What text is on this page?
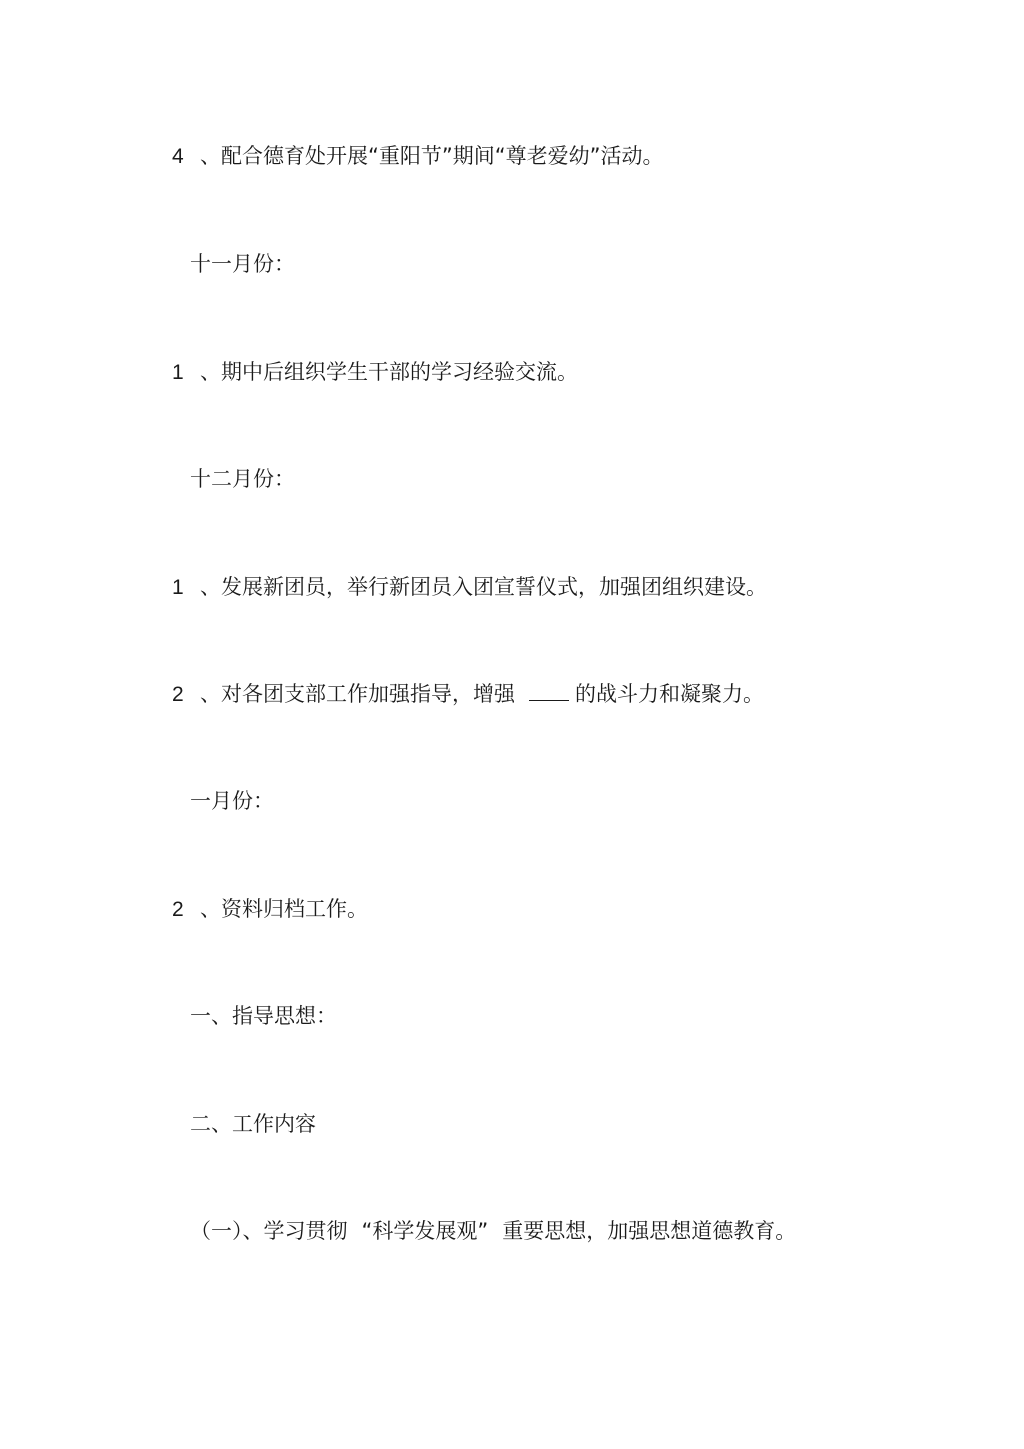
4 、配合德育处开展“重阳节”期间“尊老爱幼”活动。
十一月份：
1 、期中后组织学生干部的学习经验交流。
十二月份：
1 、发展新团员，举行新团员入团宣誓仪式，加强团组织建设。
2 、对各团支部工作加强指导，增强	的战斗力和凝聚力。
一月份：
2 、资料归档工作。
一、指导思想：
二、工作内容
（一）、学习贯彻 “科学发展观” 重要思想，加强思想道德教育。
